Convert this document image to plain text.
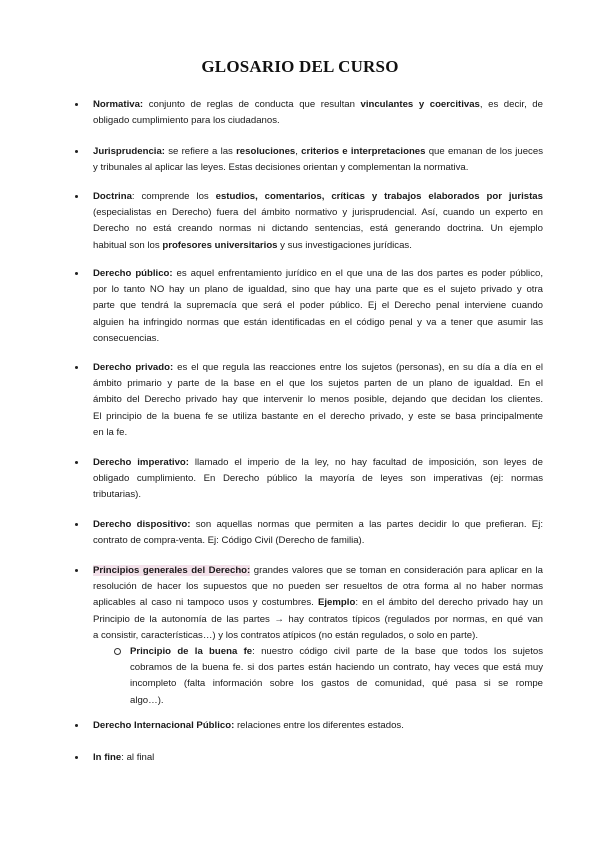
GLOSARIO DEL CURSO
Normativa: conjunto de reglas de conducta que resultan vinculantes y coercitivas, es decir, de
obligado cumplimiento para los ciudadanos.
Jurisprudencia: se refiere a las resoluciones, criterios e interpretaciones que emanan de los jueces
y tribunales al aplicar las leyes. Estas decisiones orientan y complementan la normativa.
Doctrina: comprende los estudios, comentarios, críticas y trabajos elaborados por juristas
(especialistas en Derecho) fuera del ámbito normativo y jurisprudencial. Así, cuando un experto en
Derecho no está creando normas ni dictando sentencias, está generando doctrina. Un ejemplo
habitual son los profesores universitarios y sus investigaciones jurídicas.
Derecho público: es aquel enfrentamiento jurídico en el que una de las dos partes es poder público,
por lo tanto NO hay un plano de igualdad, sino que hay una parte que es el sujeto privado y otra
parte que tendrá la supremacía que será el poder público. Ej el Derecho penal interviene cuando
alguien ha infringido normas que están identificadas en el código penal y va a tener que asumir las
consecuencias.
Derecho privado: es el que regula las reacciones entre los sujetos (personas), en su día a día en el
ámbito primario y parte de la base en el que los sujetos parten de un plano de igualdad. En el
ámbito del Derecho privado hay que intervenir lo menos posible, dejando que decidan los clientes.
El principio de la buena fe se utiliza bastante en el derecho privado, y este se basa principalmente
en la fe.
Derecho imperativo: llamado el imperio de la ley, no hay facultad de imposición, son leyes de
obligado cumplimiento. En Derecho público la mayoría de leyes son imperativas (ej: normas
tributarias).
Derecho dispositivo: son aquellas normas que permiten a las partes decidir lo que prefieran. Ej:
contrato de compra-venta. Ej: Código Civil (Derecho de familia).
Principios generales del Derecho: grandes valores que se toman en consideración para aplicar en la
resolución de hacer los supuestos que no pueden ser resueltos de otra forma al no haber normas
aplicables al caso ni tampoco usos y costumbres. Ejemplo: en el ámbito del derecho privado hay un
Principio de la autonomía de las partes → hay contratos típicos (regulados por normas, en qué van
a consistir, características…) y los contratos atípicos (no están regulados, o solo en parte).
Principio de la buena fe: nuestro código civil parte de la base que todos los sujetos
cobramos de la buena fe. si dos partes están haciendo un contrato, hay veces que está muy
incompleto (falta información sobre los gastos de comunidad, qué pasa si se rompe
algo…).
Derecho Internacional Público: relaciones entre los diferentes estados.
In fine: al final
